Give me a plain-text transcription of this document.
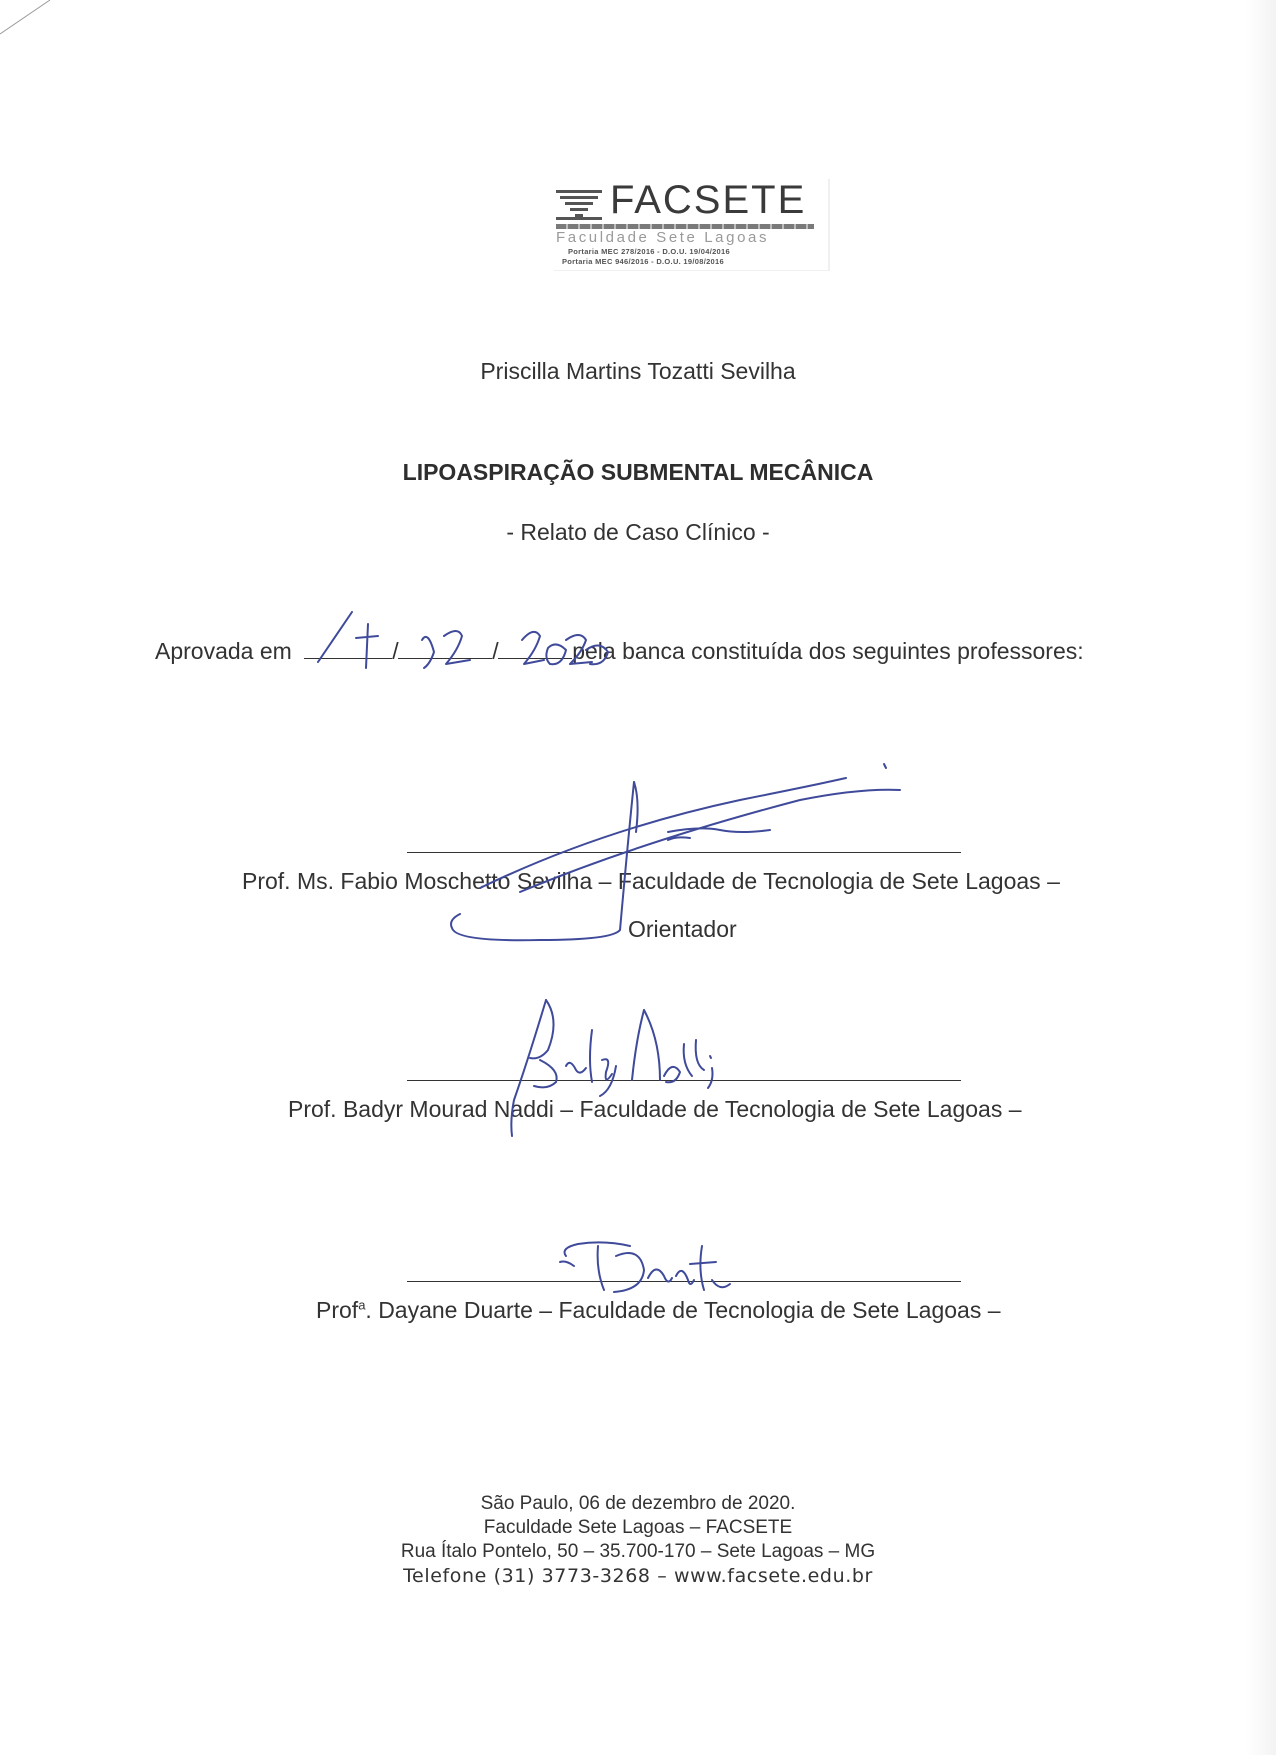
FACSETE
Faculdade Sete Lagoas
Portaria MEC 278/2016 - D.O.U. 19/04/2016
Portaria MEC 946/2016 - D.O.U. 19/08/2016
Priscilla Martins Tozatti Sevilha
LIPOASPIRAÇÃO SUBMENTAL MECÂNICA
- Relato de Caso Clínico -
Aprovada em	/	/	pela banca constituída dos seguintes professores:
Prof. Ms. Fabio Moschetto Sevilha – Faculdade de Tecnologia de Sete Lagoas –
Orientador
Prof. Badyr Mourad Naddi – Faculdade de Tecnologia de Sete Lagoas –
Prof$^a$. Dayane Duarte – Faculdade de Tecnologia de Sete Lagoas –
São Paulo, 06 de dezembro de 2020.
Faculdade Sete Lagoas – FACSETE
Rua Ítalo Pontelo, 50 – 35.700-170 – Sete Lagoas – MG
Telefone (31) 3773-3268 – www.facsete.edu.br
